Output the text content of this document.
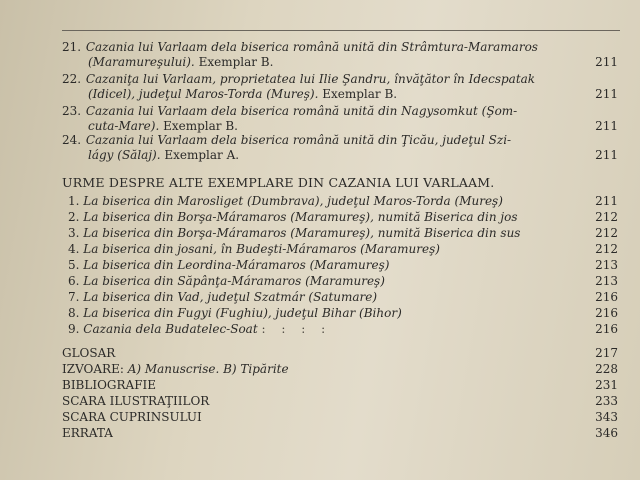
21. Cazania lui Varlaam dela biserica română unită din Strâmtura-Maramaros
(Maramureşului). Exemplar B.	211
22. Cazaniţa lui Varlaam, proprietatea lui Ilie Şandru, învăţător în Idecspatak
(Idicel), judeţul Maros-Torda (Mureş). Exemplar B.	211
23. Cazania lui Varlaam dela biserica română unită din Nagysomkut (Şom-
cuta-Mare). Exemplar B.	211
24. Cazania lui Varlaam dela biserica română unită din Ţicău, judeţul Szi-
lágy (Sălaj). Exemplar A.	211
URME DESPRE ALTE EXEMPLARE DIN CAZANIA LUI VARLAAM.
1. La biserica din Marosliget (Dumbrava), judeţul Maros-Torda (Mureş)	211
2. La biserica din Borşa-Máramaros (Maramureş), numită Biserica din jos	212
3. La biserica din Borşa-Máramaros (Maramureş), numită Biserica din sus	212
4. La biserica din josani, în Budeşti-Máramaros (Maramureş)	212
5. La biserica din Leordina-Máramaros (Maramureş)	213
6. La biserica din Săpânţa-Máramaros (Maramureş)	213
7. La biserica din Vad, judeţul Szatmár (Satumare)	216
8. La biserica din Fugyi (Fughiu), judeţul Bihar (Bihor)	216
9. Cazania dela Budatelec-Soat : : : :	216
GLOSAR	217
IZVOARE: A) Manuscrise. B) Tipărite	228
BIBLIOGRAFIE	231
SCARA ILUSTRAŢIILOR	233
SCARA CUPRINSULUI	343
ERRATA	346
